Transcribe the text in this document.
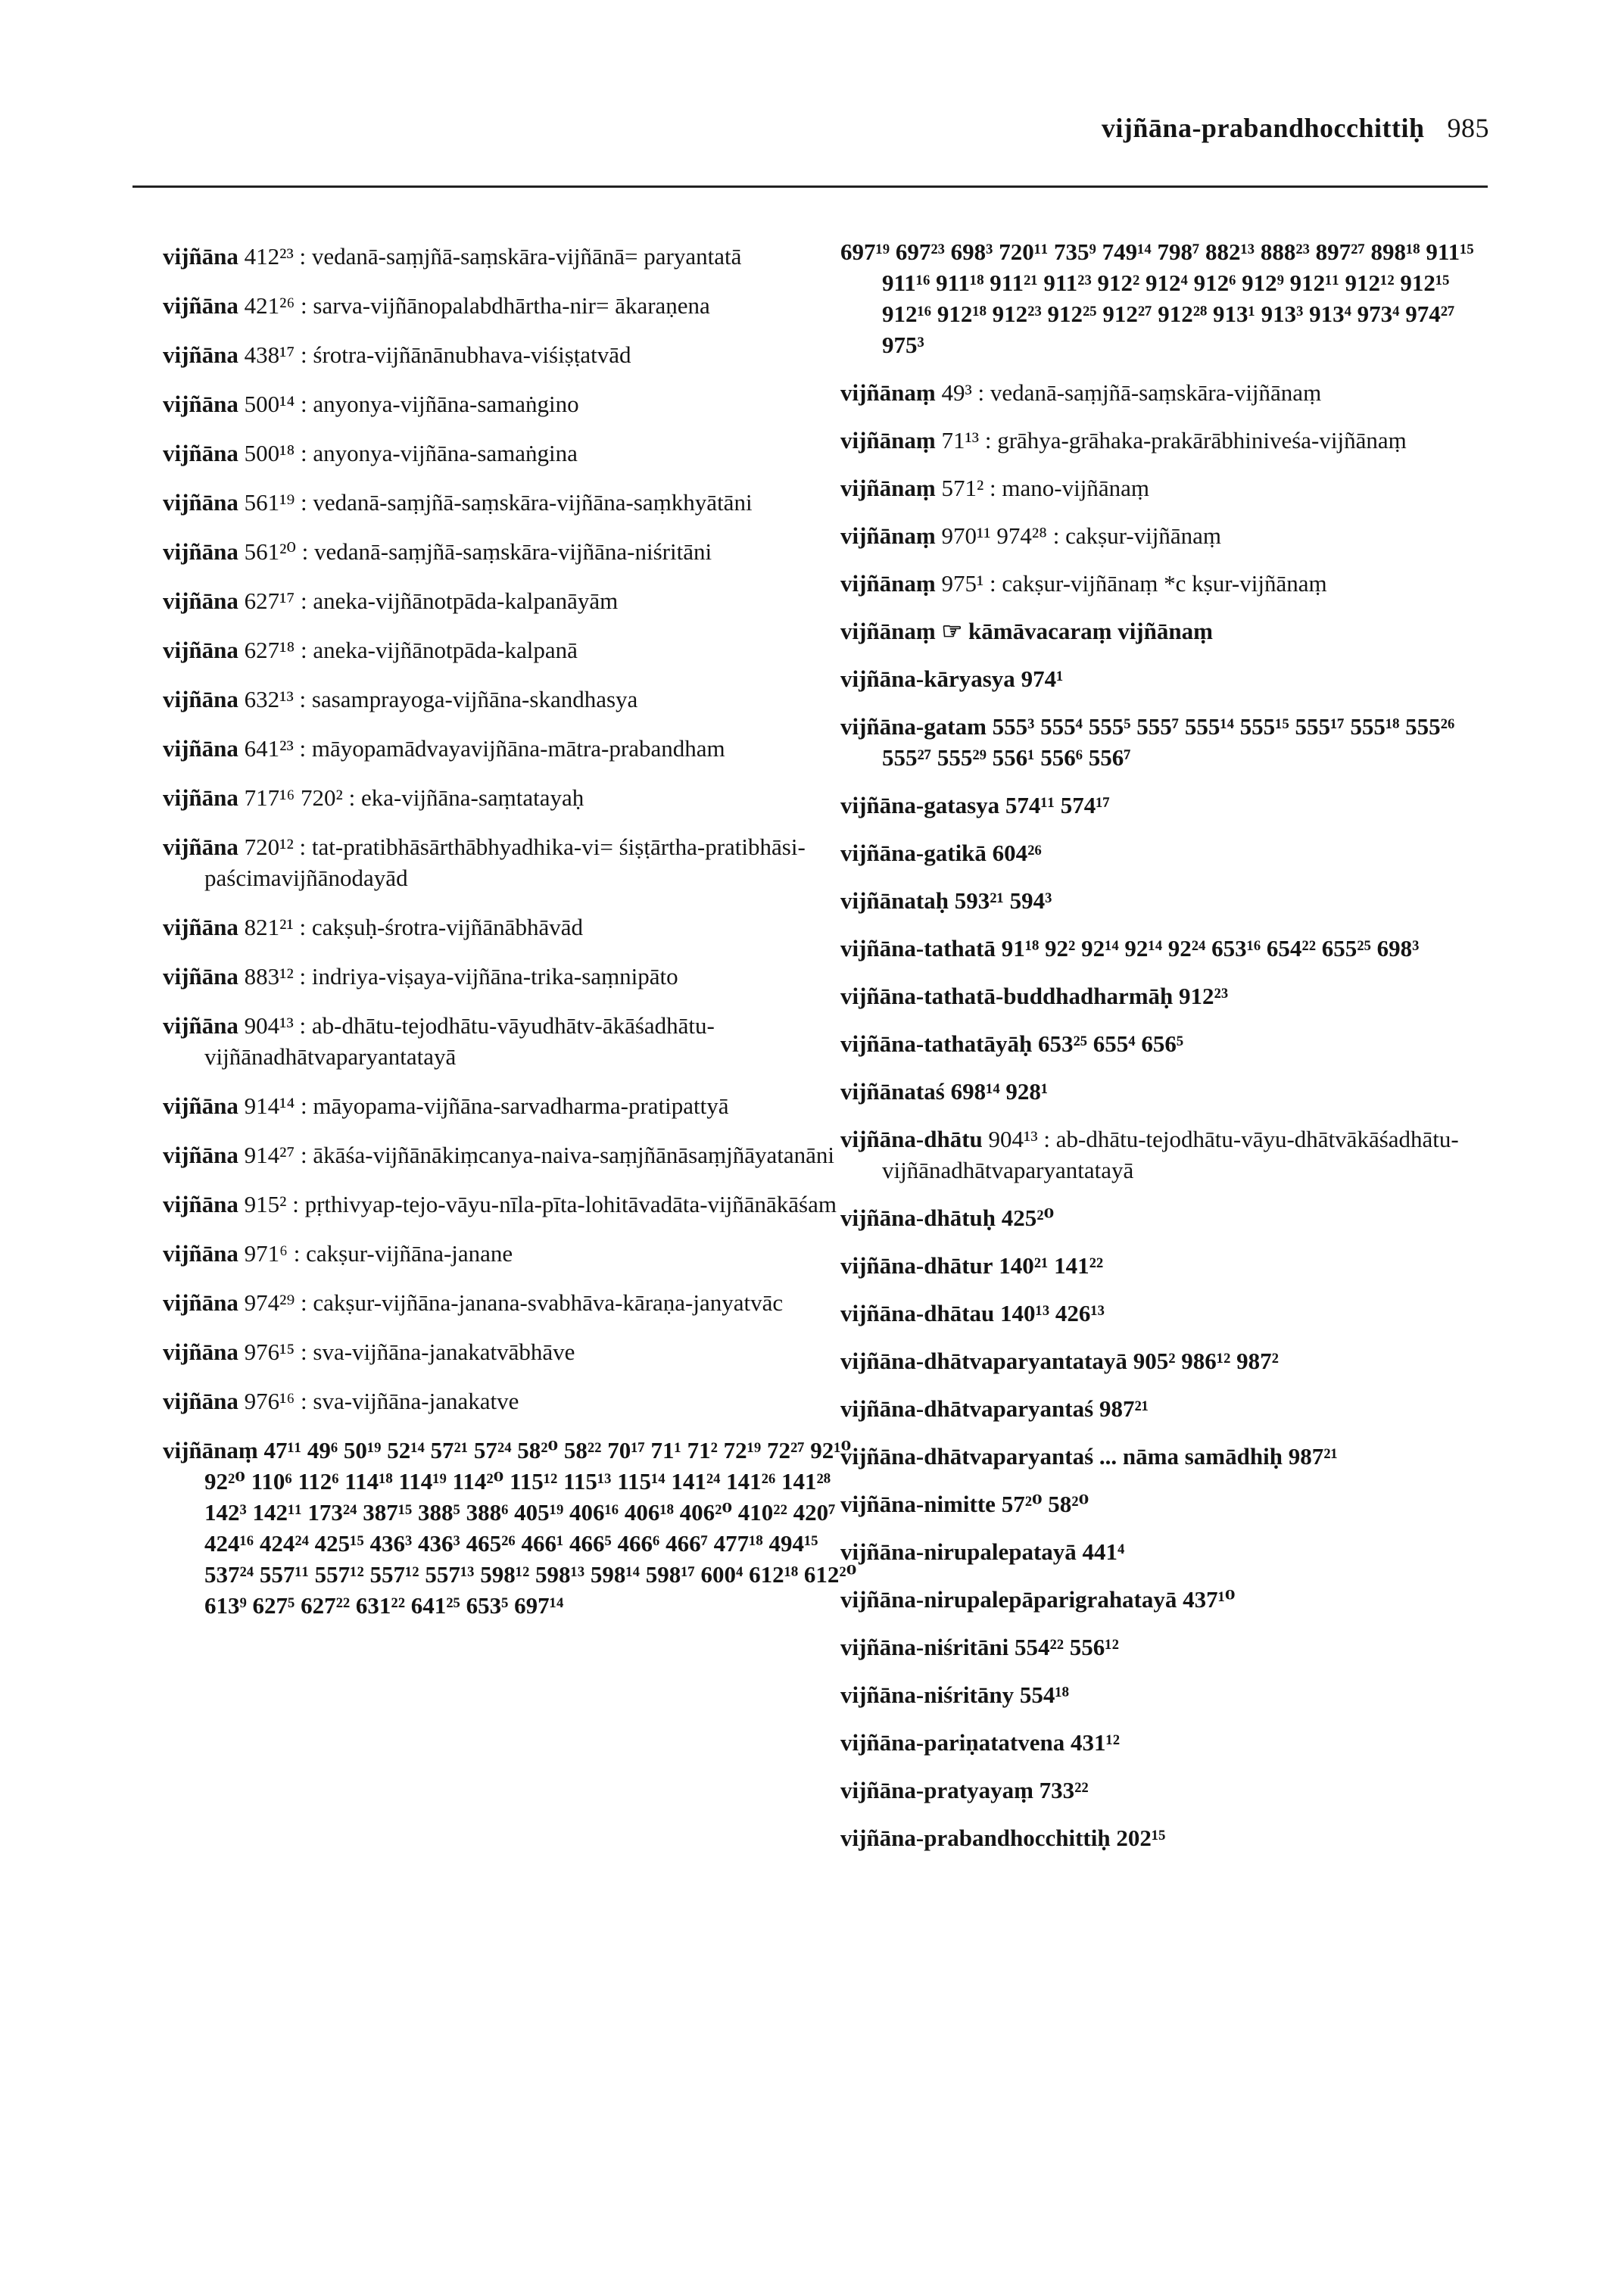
vijñāna-prabandhocchittiḥ 985
vijñāna 412²³ : vedanā-saṃjñā-saṃskāra-vijñānā= paryantatā
vijñāna 421²⁶ : sarva-vijñānopalabdhārtha-nir= ākaraṇena
vijñāna 438¹⁷ : śrotra-vijñānānubhava-viśiṣṭatvād
vijñāna 500¹⁴ : anyonya-vijñāna-samaṅgino
vijñāna 500¹⁸ : anyonya-vijñāna-samaṅgina
vijñāna 561¹⁹ : vedanā-saṃjñā-saṃskāra-vijñāna-saṃkhyātāni
vijñāna 561²⁰ : vedanā-saṃjñā-saṃskāra-vijñāna-niśritāni
vijñāna 627¹⁷ : aneka-vijñānotpāda-kalpanāyām
vijñāna 627¹⁸ : aneka-vijñānotpāda-kalpanā
vijñāna 632¹³ : sasamprayoga-vijñāna-skandhasya
vijñāna 641²³ : māyopamādvayavijñāna-mātra-prabandham
vijñāna 717¹⁶ 720² : eka-vijñāna-saṃtatayaḥ
vijñāna 720¹² : tat-pratibhāsārthābhyadhika-vi= śiṣṭārtha-pratibhāsi-paścimavijñānodayād
vijñāna 821²¹ : cakṣuḥ-śrotra-vijñānābhāvād
vijñāna 883¹² : indriya-viṣaya-vijñāna-trika-saṃnipāto
vijñāna 904¹³ : ab-dhātu-tejodhātu-vāyudhātv-ākāśadhātu-vijñānadhātvaparyantatayā
vijñāna 914¹⁴ : māyopama-vijñāna-sarvadharma-pratipattyā
vijñāna 914²⁷ : ākāśa-vijñānākiṃcanya-naiva-saṃjñānāsaṃjñāyatanāni
vijñāna 915² : pṛthivyap-tejo-vāyu-nīla-pīta-lohitāvadāta-vijñānākāśam
vijñāna 971⁶ : cakṣur-vijñāna-janane
vijñāna 974²⁹ : cakṣur-vijñāna-janana-svabhāva-kāraṇa-janyatvāc
vijñāna 976¹⁵ : sva-vijñāna-janakatvābhāve
vijñāna 976¹⁶ : sva-vijñāna-janakatve
vijñānaṃ 47¹¹ 49⁶ 50¹⁹ 52¹⁴ 57²¹ 57²⁴ 58²⁰ 58²² 70¹⁷ 71¹ 71² 72¹⁹ 72²⁷ 92¹⁰ 92²⁰ 110⁶ 112⁶ 114¹⁸ 114¹⁹ 114²⁰ 115¹² 115¹³ 115¹⁴ 141²⁴ 141²⁶ 141²⁸ 142³ 142¹¹ 173²⁴ 387¹⁵ 388⁵ 388⁶ 405¹⁹ 406¹⁶ 406¹⁸ 406²⁰ 410²² 420⁷ 424¹⁶ 424²⁴ 425¹⁵ 436³ 436³ 465²⁶ 466¹ 466⁵ 466⁶ 466⁷ 477¹⁸ 494¹⁵ 537²⁴ 557¹¹ 557¹² 557¹² 557¹³ 598¹² 598¹³ 598¹⁴ 598¹⁷ 600⁴ 612¹⁸ 612²⁰ 613⁹ 627⁵ 627²² 631²² 641²⁵ 653⁵ 697¹⁴
697¹⁹ 697²³ 698³ 720¹¹ 735⁹ 749¹⁴ 798⁷ 882¹³ 888²³ 897²⁷ 898¹⁸ 911¹⁵ 911¹⁶ 911¹⁸ 911²¹ 911²³ 912² 912⁴ 912⁶ 912⁹ 912¹¹ 912¹² 912¹⁵ 912¹⁶ 912¹⁸ 912²³ 912²⁵ 912²⁷ 912²⁸ 913¹ 913³ 913⁴ 973⁴ 974²⁷ 975³
vijñānaṃ 49³ : vedanā-saṃjñā-saṃskāra-vijñānaṃ
vijñānaṃ 71¹³ : grāhya-grāhaka-prakārābhiniveśa-vijñānaṃ
vijñānaṃ 571² : mano-vijñānaṃ
vijñānaṃ 970¹¹ 974²⁸ : cakṣur-vijñānaṃ
vijñānaṃ 975¹ : cakṣur-vijñānaṃ *c kṣur-vijñānaṃ
vijñānaṃ ☞ kāmāvacaraṃ vijñānaṃ
vijñāna-kāryasya 974¹
vijñāna-gatam 555³ 555⁴ 555⁵ 555⁷ 555¹⁴ 555¹⁵ 555¹⁷ 555¹⁸ 555²⁶ 555²⁷ 555²⁹ 556¹ 556⁶ 556⁷
vijñāna-gatasya 574¹¹ 574¹⁷
vijñāna-gatikā 604²⁶
vijñānataḥ 593²¹ 594³
vijñāna-tathatā 91¹⁸ 92² 92¹⁴ 92¹⁴ 92²⁴ 653¹⁶ 654²² 655²⁵ 698³
vijñāna-tathatā-buddhadharmāḥ 912²³
vijñāna-tathatāyāḥ 653²⁵ 655⁴ 656⁵
vijñānataś 698¹⁴ 928¹
vijñāna-dhātu 904¹³ : ab-dhātu-tejodhātu-vāyu-dhātvākāśadhātu-vijñānadhātvaparyantatayā
vijñāna-dhātuḥ 425²⁰
vijñāna-dhātur 140²¹ 141²²
vijñāna-dhātau 140¹³ 426¹³
vijñāna-dhātvaparyantatayā 905² 986¹² 987²
vijñāna-dhātvaparyantaś 987²¹
vijñāna-dhātvaparyantaś ... nāma samādhiḥ 987²¹
vijñāna-nimitte 57²⁰ 58²⁰
vijñāna-nirupalepatayā 441⁴
vijñāna-nirupalepāparigrahatayā 437¹⁰
vijñāna-niśritāni 554²² 556¹²
vijñāna-niśritāny 554¹⁸
vijñāna-pariṇatatvena 431¹²
vijñāna-pratyayaṃ 733²²
vijñāna-prabandhocchittiḥ 202¹⁵
